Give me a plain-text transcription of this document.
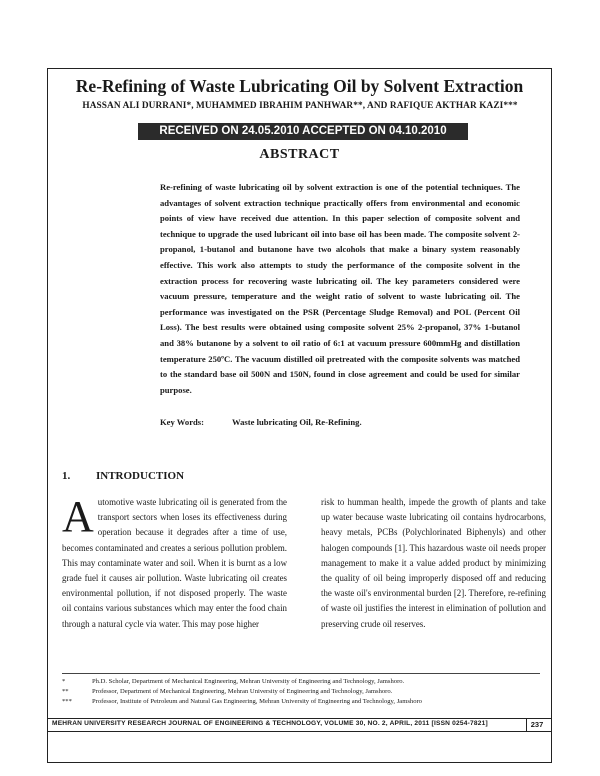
Re-Refining of Waste Lubricating Oil by Solvent Extraction

HASSAN ALI DURRANI*, MUHAMMED IBRAHIM PANHWAR**, AND RAFIQUE AKTHAR KAZI***

RECEIVED ON 24.05.2010 ACCEPTED ON 04.10.2010
ABSTRACT

Re-refining of waste lubricating oil by solvent extraction is one of the potential techniques. The advantages of solvent extraction technique practically offers from environmental and economic points of view have received due attention. In this paper selection of composite solvent and technique to upgrade the used lubricant oil into base oil has been made. The composite solvent 2-propanol, 1-butanol and butanone have two alcohols that make a binary system reasonably effective. This work also attempts to study the performance of the composite solvent in the extraction process for recovering waste lubricating oil. The key parameters considered were vacuum pressure, temperature and the weight ratio of solvent to waste lubricating oil. The performance was investigated on the PSR (Percentage Sludge Removal) and POL (Percent Oil Loss). The best results were obtained using composite solvent 25% 2-propanol, 37% 1-butanol and 38% butanone by a solvent to oil ratio of 6:1 at vacuum pressure 600mmHg and distillation temperature 250ºC. The vacuum distilled oil pretreated with the composite solvents was matched to the standard base oil 500N and 150N, found in close agreement and could be used for similar purpose.

Key Words:	Waste lubricating Oil, Re-Refining.
1. INTRODUCTION

Automotive waste lubricating oil is generated from the transport sectors when loses its effectiveness during operation because it degrades after a time of use, becomes contaminated and creates a serious pollution problem. This may contaminate water and soil. When it is burnt as a low grade fuel it causes air pollution. Waste lubricating oil creates environmental pollution, if not disposed properly. The waste oil contains various substances which may enter the food chain through a natural cycle via water. This may pose higher

risk to humman health, impede the growth of plants and take up water because waste lubricating oil contains hydrocarbons, heavy metals, PCBs (Polychlorinated Biphenyls) and other halogen compounds [1]. This hazardous waste oil needs proper management to make it a value added product by minimizing the quality of oil being improperly disposed off and reducing the waste oil's environmental burden [2]. Therefore, re-refining of waste oil justifies the interest in elimination of pollution and preserving crude oil reserves.

*	Ph.D. Scholar, Department of Mechanical Engineering, Mehran University of Engineering and Technology, Jamshoro.
**	Professor, Department of Mechanical Engineering, Mehran University of Engineering and Technology, Jamshoro.
***	Professor, Institute of Petroleum and Natural Gas Engineering, Mehran University of Engineering and Technology, Jamshoro
MEHRAN UNIVERSITY RESEARCH JOURNAL OF ENGINEERING & TECHNOLOGY, VOLUME 30, NO. 2, APRIL, 2011 [ISSN 0254-7821]	237
